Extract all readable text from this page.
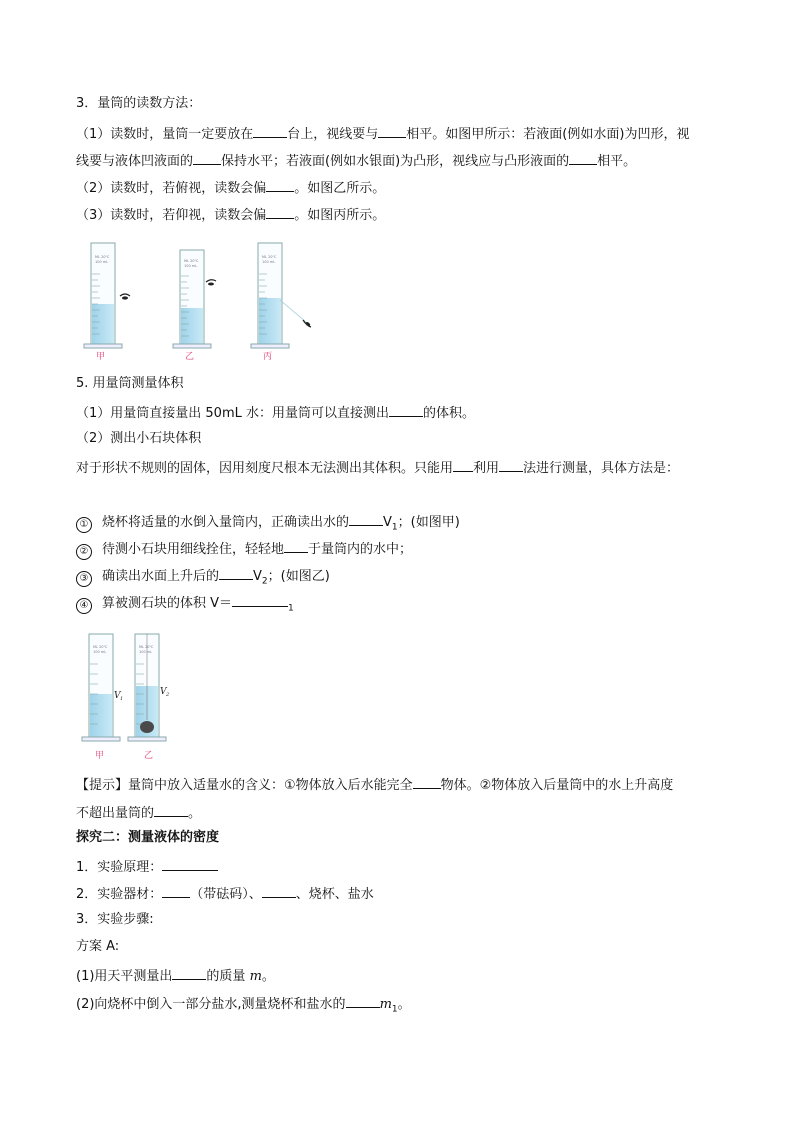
3．量筒的读数方法：
（1）读数时，量筒一定要放在	台上，视线要与 相平。如图甲所示：若液面(例如水面)为凹形，视
线要与液体凹液面的 保持水平；若液面(例如水银面)为凸形，视线应与凸形液面的 相平。
（2）读数时，若俯视，读数会偏 。如图乙所示。
（3）读数时，若仰视，读数会偏 。如图丙所示。
ML 20℃
100 mL	ML 20℃
100 mL
ML 20℃
100 mL
甲	乙	丙
5. 用量筒测量体积
（1）用量筒直接量出 50mL 水：用量筒可以直接测出	的体积。
（2）测出小石块体积
对于形状不规则的固体，因用刻度尺根本无法测出其体积。只能用 利用 法进行测量，具体方法是：
① 烧杯将适量的水倒入量筒内，正确读出水的	$V_1$；(如图甲)
② 待测小石块用细线拴住，轻轻地 于量筒内的水中；
③ 确读出水面上升后的	$V_2$；(如图乙)
④ 算被测石块的体积 V＝	$_1$
ML 20℃
100 mL
V 1
ML 20℃
100 mL
V 2
甲	乙
【提示】量筒中放入适量水的含义：①物体放入后水能完全 物体。②物体放入后量筒中的水上升高度
不超出量筒的	。
探究二：测量液体的密度
1．实验原理：
2．实验器材： （带砝码）、	、烧杯、盐水
3．实验步骤:
方案 A:
(1)用天平测量出	的质量 m。
(2)向烧杯中倒入一部分盐水,测量烧杯和盐水的	$m_1$。
